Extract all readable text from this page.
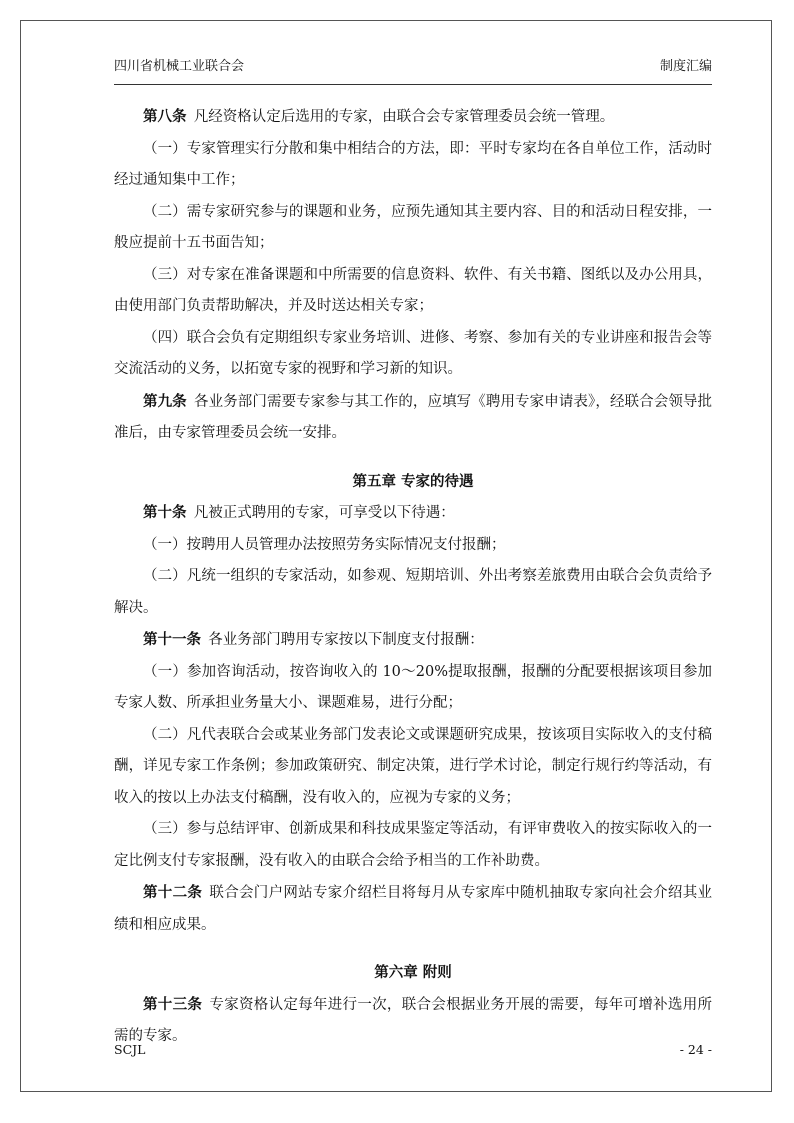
四川省机械工业联合会	制度汇编

第八条 凡经资格认定后选用的专家，由联合会专家管理委员会统一管理。

（一）专家管理实行分散和集中相结合的方法，即：平时专家均在各自单位工作，活动时经过通知集中工作；

（二）需专家研究参与的课题和业务，应预先通知其主要内容、目的和活动日程安排，一般应提前十五书面告知；

（三）对专家在准备课题和中所需要的信息资料、软件、有关书籍、图纸以及办公用具，由使用部门负责帮助解决，并及时送达相关专家；

（四）联合会负有定期组织专家业务培训、进修、考察、参加有关的专业讲座和报告会等交流活动的义务，以拓宽专家的视野和学习新的知识。

第九条 各业务部门需要专家参与其工作的，应填写《聘用专家申请表》，经联合会领导批准后，由专家管理委员会统一安排。

第五章 专家的待遇

第十条 凡被正式聘用的专家，可享受以下待遇：

（一）按聘用人员管理办法按照劳务实际情况支付报酬；

（二）凡统一组织的专家活动，如参观、短期培训、外出考察差旅费用由联合会负责给予解决。

第十一条 各业务部门聘用专家按以下制度支付报酬：

（一）参加咨询活动，按咨询收入的 10～20%提取报酬，报酬的分配要根据该项目参加专家人数、所承担业务量大小、课题难易，进行分配；

（二）凡代表联合会或某业务部门发表论文或课题研究成果，按该项目实际收入的支付稿酬，详见专家工作条例；参加政策研究、制定决策，进行学术讨论，制定行规行约等活动，有收入的按以上办法支付稿酬，没有收入的，应视为专家的义务；

（三）参与总结评审、创新成果和科技成果鉴定等活动，有评审费收入的按实际收入的一定比例支付专家报酬，没有收入的由联合会给予相当的工作补助费。

第十二条 联合会门户网站专家介绍栏目将每月从专家库中随机抽取专家向社会介绍其业绩和相应成果。

第六章 附则

第十三条 专家资格认定每年进行一次，联合会根据业务开展的需要，每年可增补选用所需的专家。

SCJL	- 24 -
